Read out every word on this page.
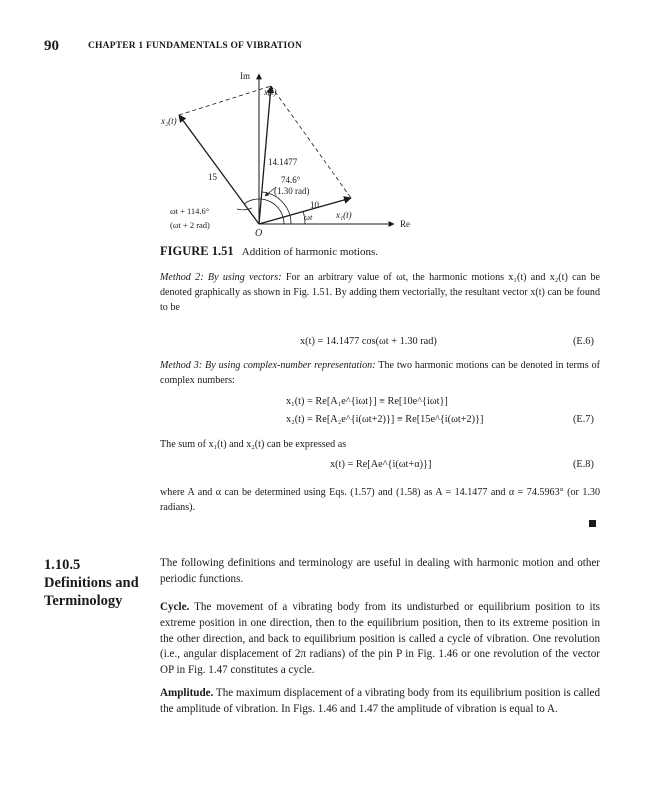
90	CHAPTER 1 FUNDAMENTALS OF VIBRATION
Im
Re
O
x(t)
x₂(t)
x₁(t)
15
10
14.1477
74.6°
(1.30 rad)
ωt
ωt + 114.6°
(ωt + 2 rad)
FIGURE 1.51 Addition of harmonic motions.
Method 2: By using vectors: For an arbitrary value of ωt, the harmonic motions x₁(t) and x₂(t) can be denoted graphically as shown in Fig. 1.51. By adding them vectorially, the resultant vector x(t) can be found to be
x(t) = 14.1477 cos(ωt + 1.30 rad)	(E.6)
Method 3: By using complex-number representation: The two harmonic motions can be denoted in terms of complex numbers:
x₁(t) = Re[A₁e^{iωt}] ≡ Re[10e^{iωt}]
x₂(t) = Re[A₂e^{i(ωt+2)}] ≡ Re[15e^{i(ωt+2)}]	(E.7)
The sum of x₁(t) and x₂(t) can be expressed as
x(t) = Re[Ae^{i(ωt+α)}]	(E.8)
where A and α can be determined using Eqs. (1.57) and (1.58) as A = 14.1477 and α = 74.5963° (or 1.30 radians).
1.10.5
Definitions and
Terminology
The following definitions and terminology are useful in dealing with harmonic motion and other periodic functions.
Cycle. The movement of a vibrating body from its undisturbed or equilibrium position to its extreme position in one direction, then to the equilibrium position, then to its extreme position in the other direction, and back to equilibrium position is called a cycle of vibration. One revolution (i.e., angular displacement of 2π radians) of the pin P in Fig. 1.46 or one revolution of the vector OP in Fig. 1.47 constitutes a cycle.
Amplitude. The maximum displacement of a vibrating body from its equilibrium position is called the amplitude of vibration. In Figs. 1.46 and 1.47 the amplitude of vibration is equal to A.
